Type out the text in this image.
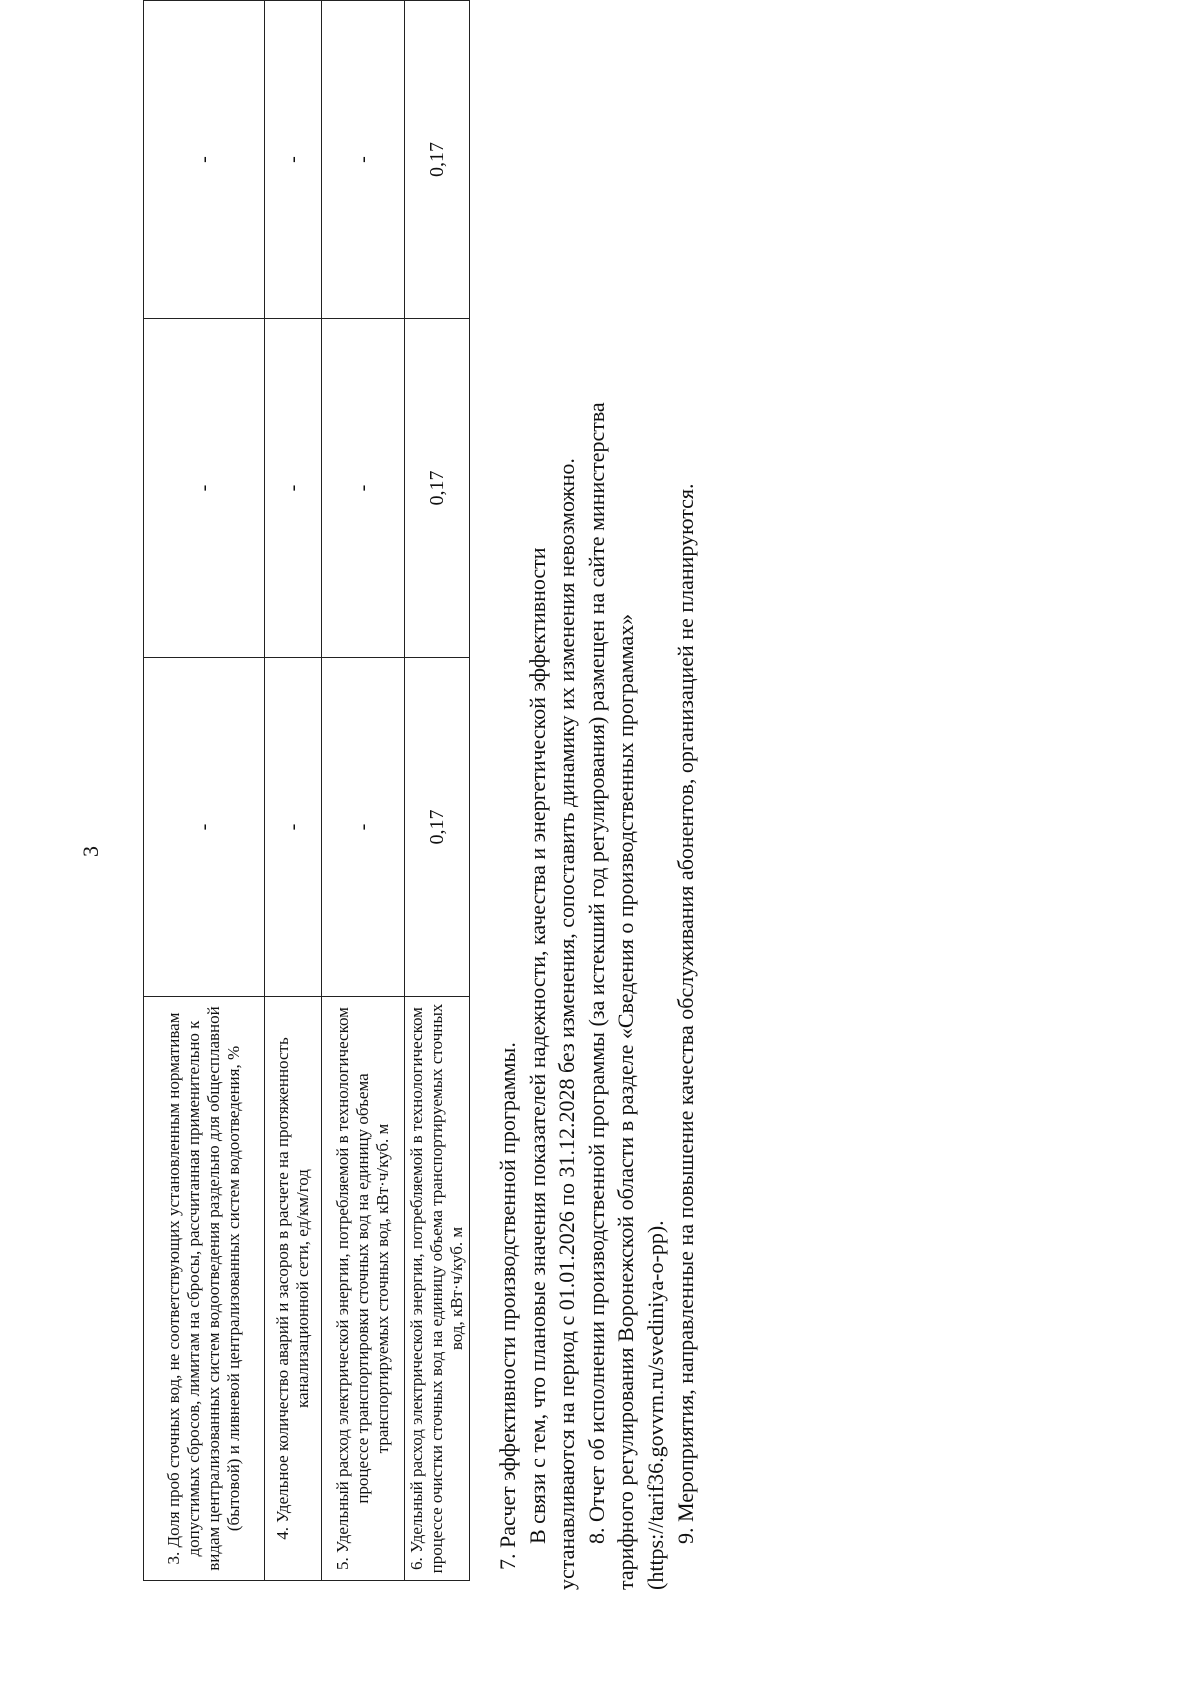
3
3. Доля проб сточных вод, не соответствующих установленным нормативам допустимых сбросов, лимитам на сбросы, рассчитанная применительно к видам централизованных систем водоотведения раздельно для общесплавной (бытовой) и ливневой централизованных систем водоотведения, %	-	-	-
4. Удельное количество аварий и засоров в расчете на протяженность канализационной сети, ед/км/год	-	-	-
5. Удельный расход электрической энергии, потребляемой в технологическом процессе транспортировки сточных вод на единицу объема транспортируемых сточных вод, кВт·ч/куб. м	-	-	-
6. Удельный расход электрической энергии, потребляемой в технологическом процессе очистки сточных вод на единицу объема транспортируемых сточных вод, кВт·ч/куб. м	0,17	0,17	0,17

7. Расчет эффективности производственной программы. В связи с тем, что плановые значения показателей надежности, качества и энергетической эффективности устанавливаются на период с 01.01.2026 по 31.12.2028 без изменения, сопоставить динамику их изменения невозможно. 8. Отчет об исполнении производственной программы (за истекший год регулирования) размещен на сайте министерства тарифного регулирования Воронежской области в разделе «Сведения о производственных программах» (https://tarif36.govvrn.ru/svediniya-o-pp). 9. Мероприятия, направленные на повышение качества обслуживания абонентов, организацией не планируются.
